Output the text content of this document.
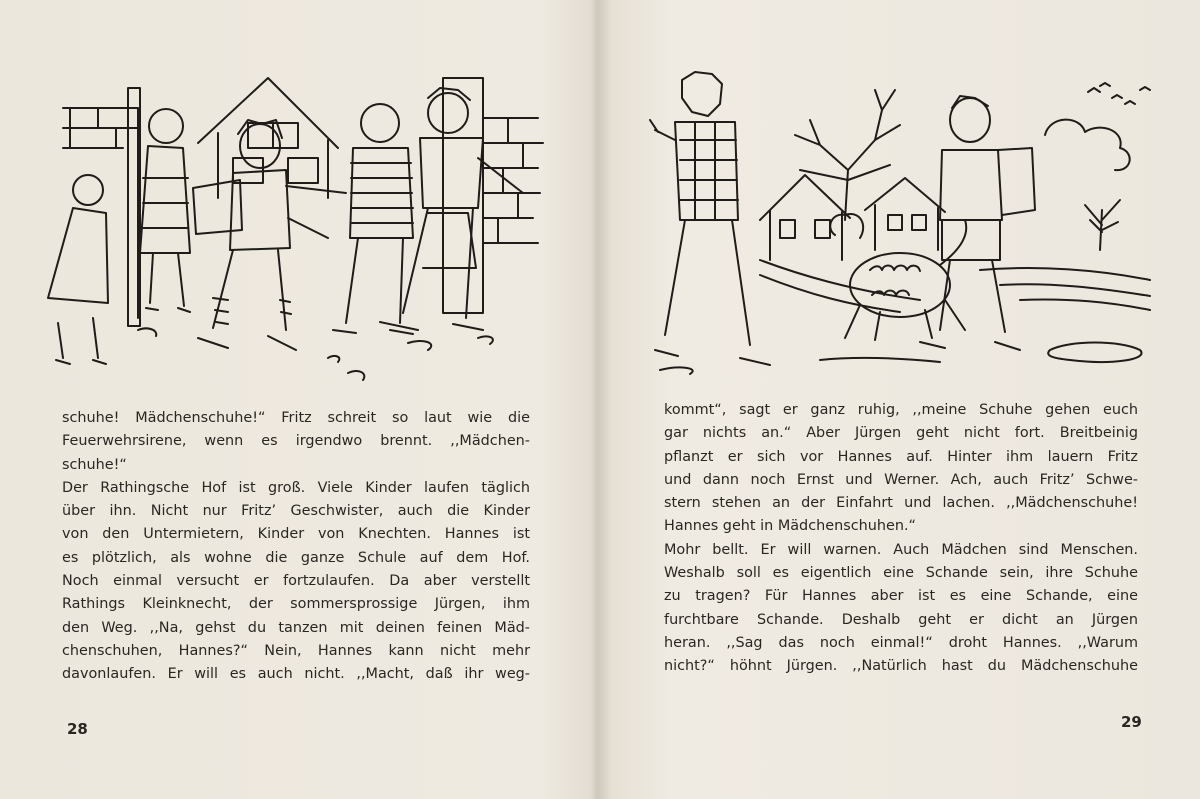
schuhe! Mädchenschuhe!“ Fritz schreit so laut wie die

Feuerwehrsirene, wenn es irgendwo brennt. ,,Mädchen-

schuhe!“

Der Rathingsche Hof ist groß. Viele Kinder laufen täglich

über ihn. Nicht nur Fritz’ Geschwister, auch die Kinder

von den Untermietern, Kinder von Knechten. Hannes ist

es plötzlich, als wohne die ganze Schule auf dem Hof.

Noch einmal versucht er fortzulaufen. Da aber verstellt

Rathings Kleinknecht, der sommersprossige Jürgen, ihm

den Weg. ,,Na, gehst du tanzen mit deinen feinen Mäd-

chenschuhen, Hannes?“ Nein, Hannes kann nicht mehr

davonlaufen. Er will es auch nicht. ,,Macht, daß ihr weg-

28

kommt“, sagt er ganz ruhig, ,,meine Schuhe gehen euch

gar nichts an.“ Aber Jürgen geht nicht fort. Breitbeinig

pflanzt er sich vor Hannes auf. Hinter ihm lauern Fritz

und dann noch Ernst und Werner. Ach, auch Fritz’ Schwe-

stern stehen an der Einfahrt und lachen. ,,Mädchenschuhe!

Hannes geht in Mädchenschuhen.“

Mohr bellt. Er will warnen. Auch Mädchen sind Menschen.

Weshalb soll es eigentlich eine Schande sein, ihre Schuhe

zu tragen? Für Hannes aber ist es eine Schande, eine

furchtbare Schande. Deshalb geht er dicht an Jürgen

heran. ,,Sag das noch einmal!“ droht Hannes. ,,Warum

nicht?“ höhnt Jürgen. ,,Natürlich hast du Mädchenschuhe

29
